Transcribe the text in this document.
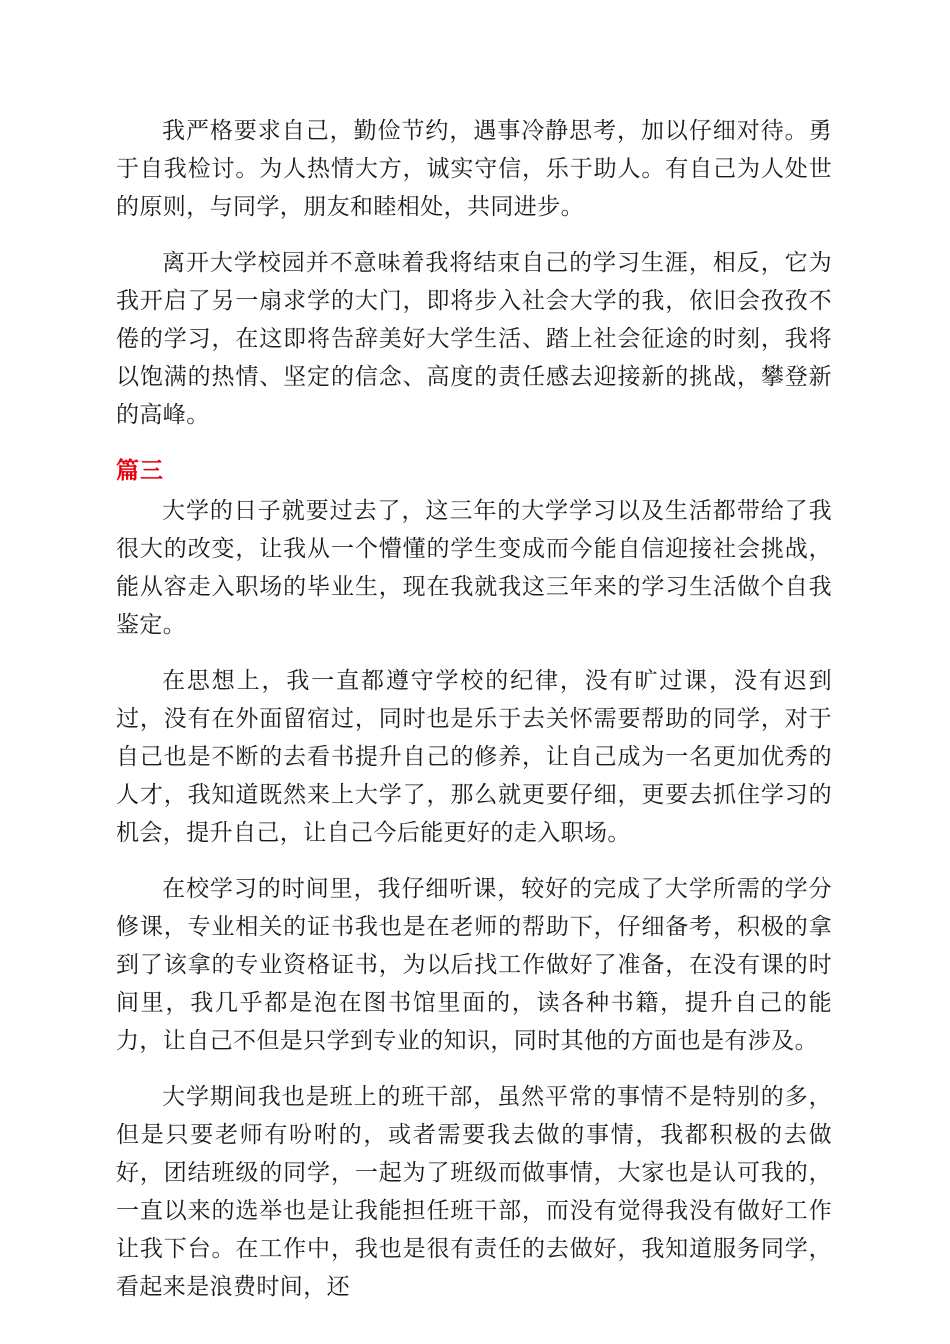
我严格要求自己，勤俭节约，遇事冷静思考，加以仔细对待。勇于自我检讨。为人热情大方，诚实守信，乐于助人。有自己为人处世的原则，与同学，朋友和睦相处，共同进步。

离开大学校园并不意味着我将结束自己的学习生涯，相反，它为我开启了另一扇求学的大门，即将步入社会大学的我，依旧会孜孜不倦的学习，在这即将告辞美好大学生活、踏上社会征途的时刻，我将以饱满的热情、坚定的信念、高度的责任感去迎接新的挑战，攀登新的高峰。

篇三

大学的日子就要过去了，这三年的大学学习以及生活都带给了我很大的改变，让我从一个懵懂的学生变成而今能自信迎接社会挑战，能从容走入职场的毕业生，现在我就我这三年来的学习生活做个自我鉴定。

在思想上，我一直都遵守学校的纪律，没有旷过课，没有迟到过，没有在外面留宿过，同时也是乐于去关怀需要帮助的同学，对于自己也是不断的去看书提升自己的修养，让自己成为一名更加优秀的人才，我知道既然来上大学了，那么就更要仔细，更要去抓住学习的机会，提升自己，让自己今后能更好的走入职场。

在校学习的时间里，我仔细听课，较好的完成了大学所需的学分修课，专业相关的证书我也是在老师的帮助下，仔细备考，积极的拿到了该拿的专业资格证书，为以后找工作做好了准备，在没有课的时间里，我几乎都是泡在图书馆里面的，读各种书籍，提升自己的能力，让自己不但是只学到专业的知识，同时其他的方面也是有涉及。

大学期间我也是班上的班干部，虽然平常的事情不是特别的多，但是只要老师有吩咐的，或者需要我去做的事情，我都积极的去做好，团结班级的同学，一起为了班级而做事情，大家也是认可我的，一直以来的选举也是让我能担任班干部，而没有觉得我没有做好工作让我下台。在工作中，我也是很有责任的去做好，我知道服务同学，看起来是浪费时间，还
